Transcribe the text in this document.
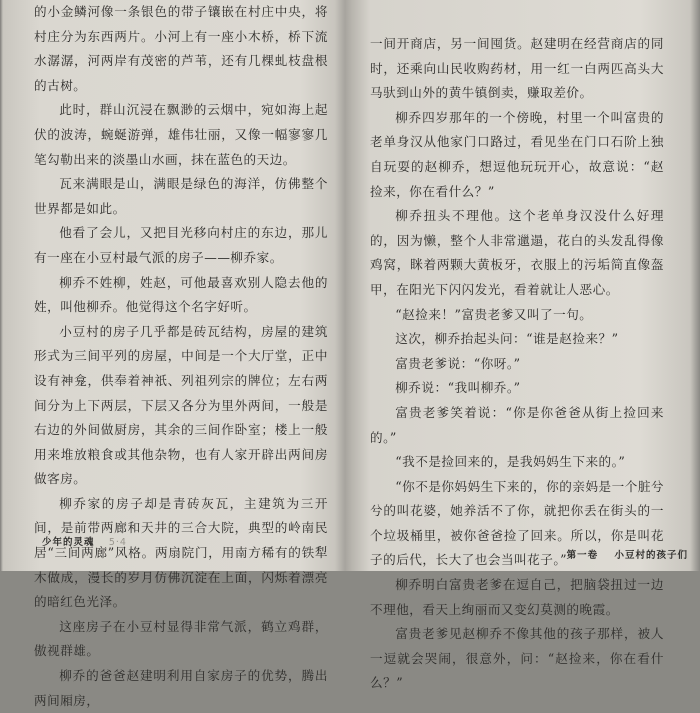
的小金鳞河像一条银色的带子镶嵌在村庄中央，将村庄分为东西两片。小河上有一座小木桥，桥下流水潺潺，河两岸有茂密的芦苇，还有几棵虬枝盘根的古树。

此时，群山沉浸在飘渺的云烟中，宛如海上起伏的波涛，蜿蜒游弹，雄伟壮丽，又像一幅寥寥几笔勾勒出来的淡墨山水画，抹在蓝色的天边。

瓦来满眼是山，满眼是绿色的海洋，仿佛整个世界都是如此。

他看了会儿，又把目光移向村庄的东边，那儿有一座在小豆村最气派的房子——柳乔家。

柳乔不姓柳，姓赵，可他最喜欢别人隐去他的姓，叫他柳乔。他觉得这个名字好听。

小豆村的房子几乎都是砖瓦结构，房屋的建筑形式为三间平列的房屋，中间是一个大厅堂，正中设有神龛，供奉着神祇、列祖列宗的牌位；左右两间分为上下两层，下层又各分为里外两间，一般是右边的外间做厨房，其余的三间作卧室；楼上一般用来堆放粮食或其他杂物，也有人家开辟出两间房做客房。

柳乔家的房子却是青砖灰瓦，主建筑为三开间，是前带两廊和天井的三合大院，典型的岭南民居“三间两廊”风格。两扇院门，用南方稀有的铁犁木做成，漫长的岁月仿佛沉淀在上面，闪烁着漂亮的暗红色光泽。

这座房子在小豆村显得非常气派，鹤立鸡群，傲视群雄。

柳乔的爸爸赵建明利用自家房子的优势，腾出两间厢房，

少年的灵魂 5·4

一间开商店，另一间囤货。赵建明在经营商店的同时，还乘向山民收购药材，用一红一白两匹高头大马驮到山外的黄牛镇倒卖，赚取差价。

柳乔四岁那年的一个傍晚，村里一个叫富贵的老单身汉从他家门口路过，看见坐在门口石阶上独自玩耍的赵柳乔，想逗他玩玩开心，故意说：“赵捡来，你在看什么？”

柳乔扭头不理他。这个老单身汉没什么好理的，因为懒，整个人非常邋遢，花白的头发乱得像鸡窝，眯着两颗大黄板牙，衣服上的污垢简直像盔甲，在阳光下闪闪发光，看着就让人恶心。

“赵捡来！”富贵老爹又叫了一句。

这次，柳乔抬起头问：“谁是赵捡来？”

富贵老爹说：“你呀。”

柳乔说：“我叫柳乔。”

富贵老爹笑着说：“你是你爸爸从街上捡回来的。”

“我不是捡回来的，是我妈妈生下来的。”

“你不是你妈妈生下来的，你的亲妈是一个脏兮兮的叫花婆，她养活不了你，就把你丢在街头的一个垃圾桶里，被你爸爸捡了回来。所以，你是叫花子的后代，长大了也会当叫花子。”

柳乔明白富贵老爹在逗自己，把脑袋扭过一边不理他，看天上绚丽而又变幻莫测的晚霞。

富贵老爹见赵柳乔不像其他的孩子那样，被人一逗就会哭闹，很意外，问：“赵捡来，你在看什么？”

第一卷 小豆村的孩子们
